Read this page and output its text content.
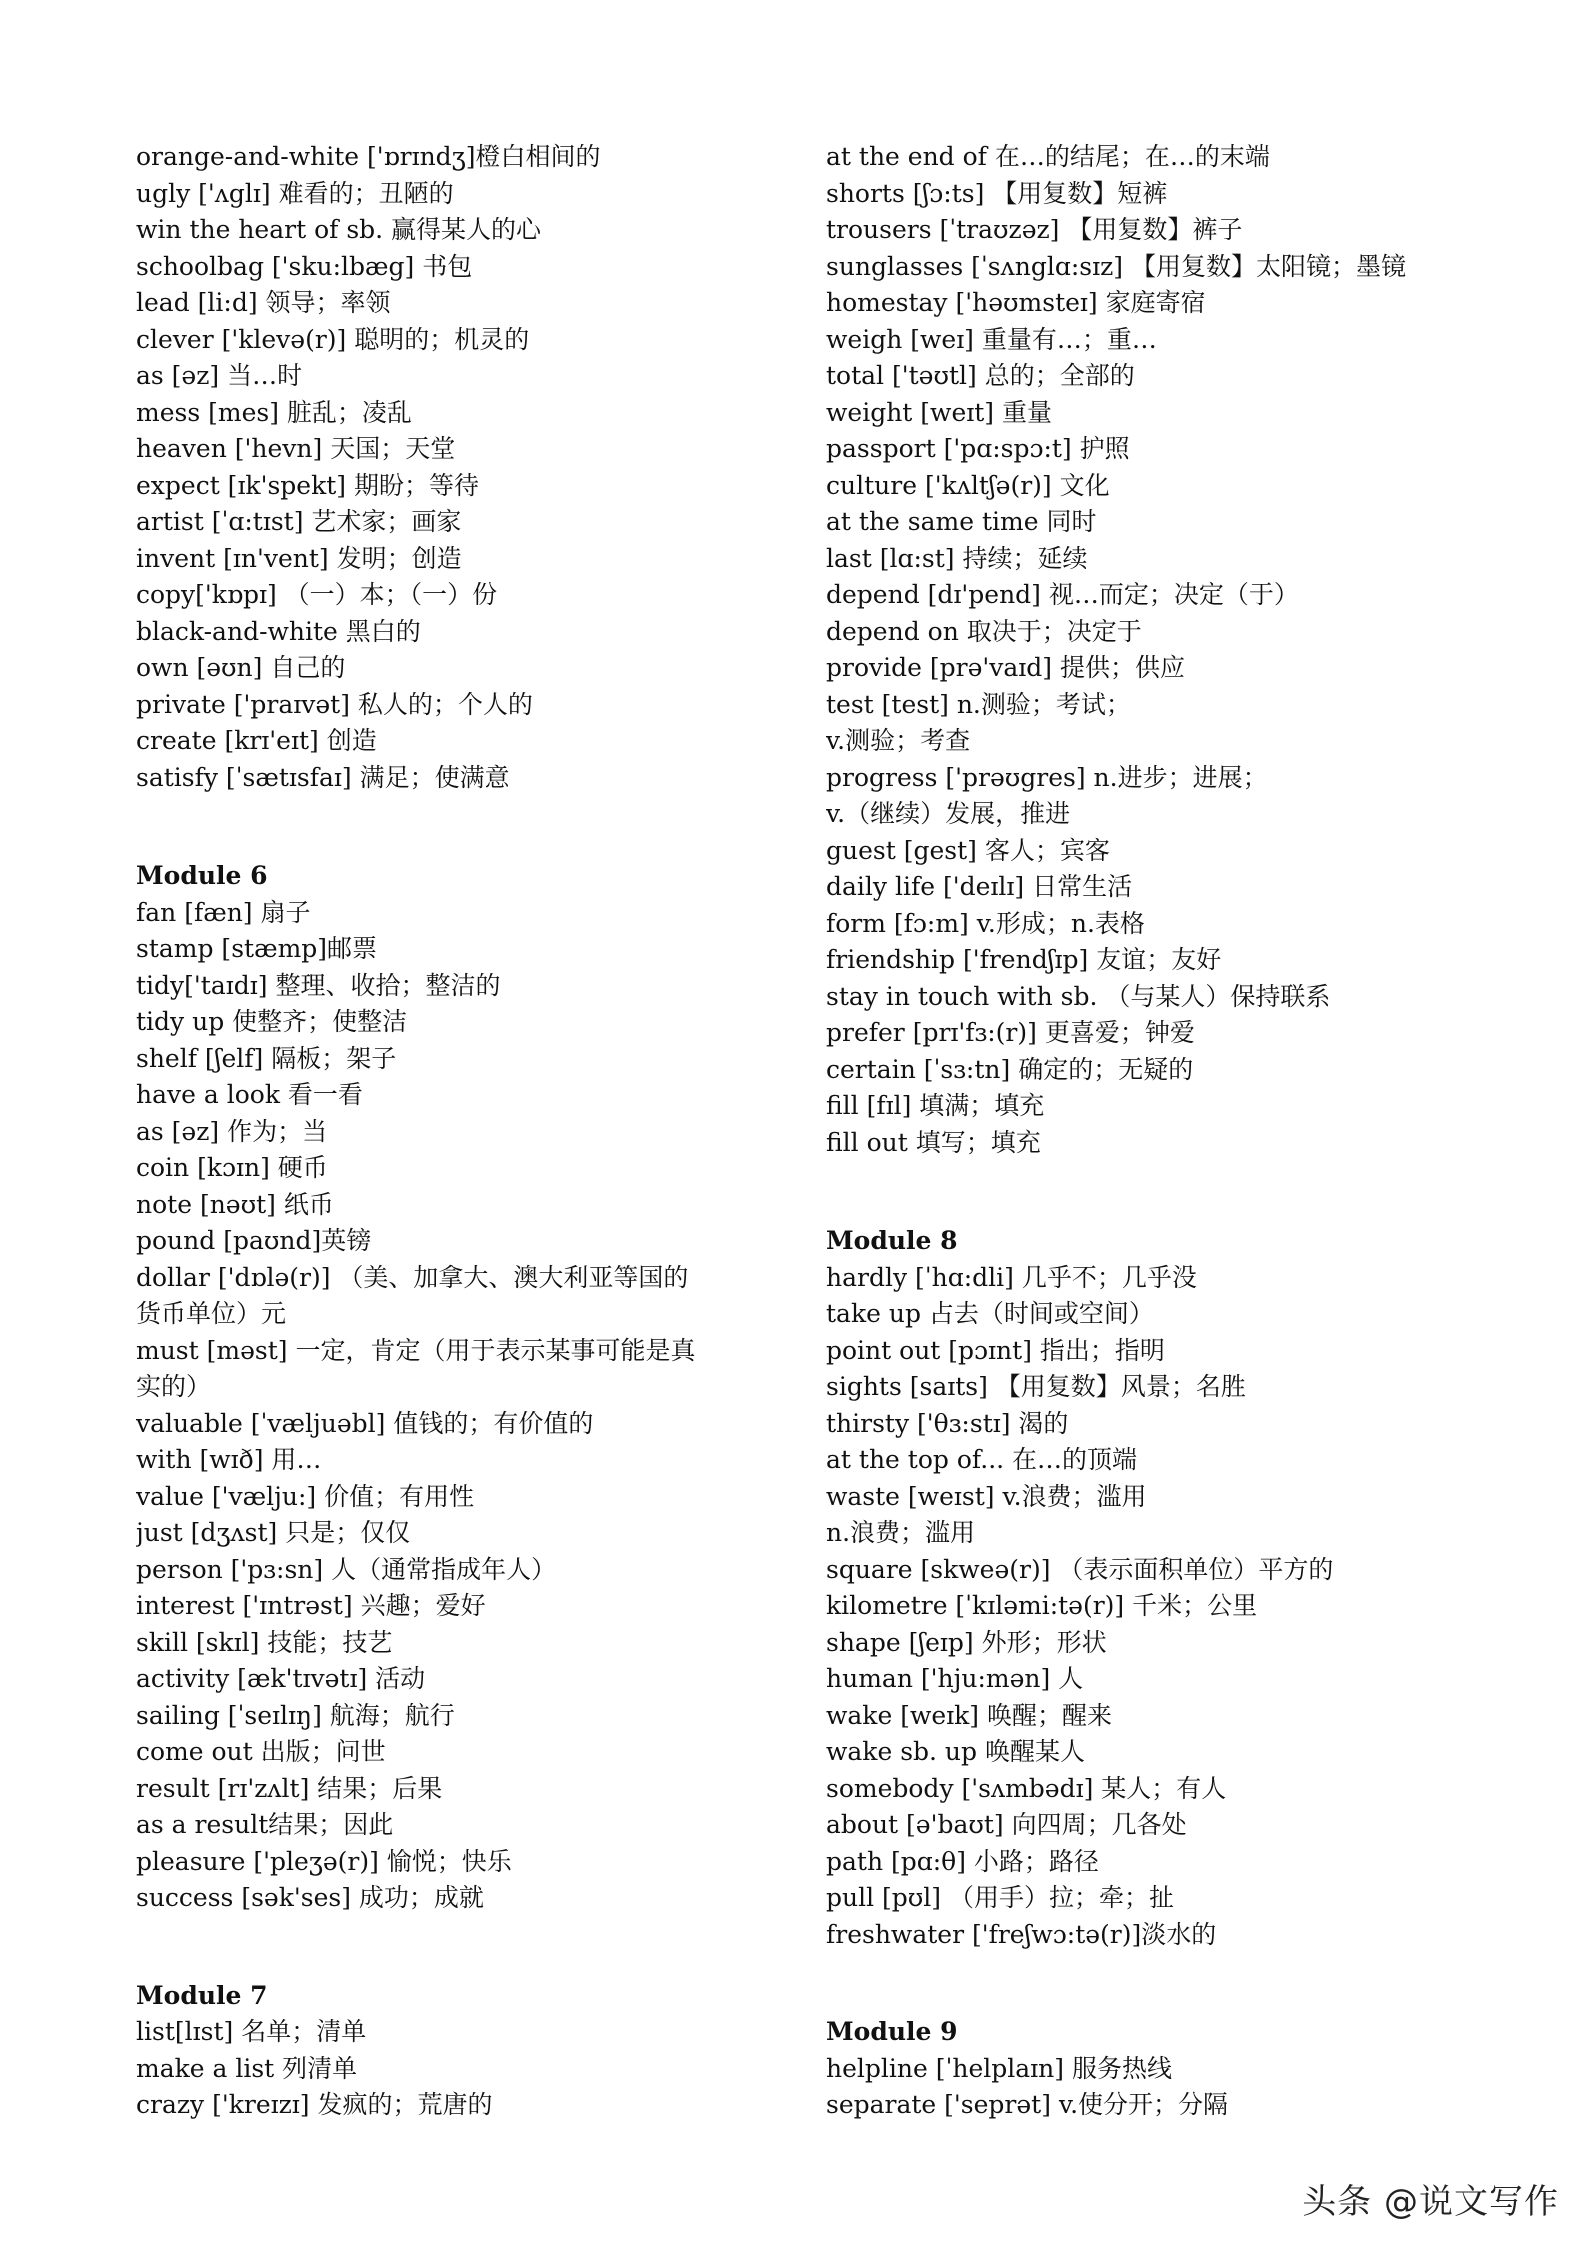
orange-and-white ['ɒrɪndʒ]橙白相间的
ugly ['ʌglɪ] 难看的；丑陋的
win the heart of sb. 赢得某人的心
schoolbag ['sku:lbæg] 书包
lead [li:d] 领导；率领
clever ['klevə(r)] 聪明的；机灵的
as [əz] 当…时
mess [mes] 脏乱；凌乱
heaven ['hevn] 天国；天堂
expect [ɪk'spekt] 期盼；等待
artist [ˈɑ:tɪst] 艺术家；画家
invent [ɪn'vent] 发明；创造
copy['kɒpɪ] （一）本；（一）份
black-and-white 黑白的
own [əʊn] 自己的
private ['praɪvət] 私人的；个人的
create [krɪ'eɪt] 创造
satisfy [ˈsætɪsfaɪ] 满足；使满意
Module 6
fan [fæn] 扇子
stamp [stæmp]邮票
tidy['taɪdɪ] 整理、收拾；整洁的
tidy up 使整齐；使整洁
shelf [ʃelf] 隔板；架子
have a look 看一看
as [əz] 作为；当
coin [kɔɪn] 硬币
note [nəʊt] 纸币
pound [paʊnd]英镑
dollar ['dɒlə(r)] （美、加拿大、澳大利亚等国的
货币单位）元
must [məst] 一定，肯定（用于表示某事可能是真
实的）
valuable [ˈvæljuəbl] 值钱的；有价值的
with [wɪð] 用…
value ['vælju:] 价值；有用性
just [dʒʌst] 只是；仅仅
person ['pɜ:sn] 人（通常指成年人）
interest ['ɪntrəst] 兴趣；爱好
skill [skɪl] 技能；技艺
activity [æk'tɪvətɪ] 活动
sailing [ˈseɪlɪŋ] 航海；航行
come out 出版；问世
result [rɪ'zʌlt] 结果；后果
as a result结果；因此
pleasure ['pleʒə(r)] 愉悦；快乐
success [sək'ses] 成功；成就
Module 7
list[lɪst] 名单；清单
make a list 列清单
crazy ['kreɪzɪ] 发疯的；荒唐的
at the end of 在…的结尾；在…的末端
shorts [ʃɔ:ts] 【用复数】短裤
trousers [ˈtraʊzəz] 【用复数】裤子
sunglasses [ˈsʌnglɑ:sɪz] 【用复数】太阳镜；墨镜
homestay ['həʊmsteɪ] 家庭寄宿
weigh [weɪ] 重量有…；重…
total ['təʊtl] 总的；全部的
weight [weɪt] 重量
passport ['pɑ:spɔ:t] 护照
culture ['kʌltʃə(r)] 文化
at the same time 同时
last [lɑ:st] 持续；延续
depend [dɪ'pend] 视…而定；决定（于）
depend on 取决于；决定于
provide [prə'vaɪd] 提供；供应
test [test] n.测验；考试；
v.测验；考查
progress ['prəʊgres] n.进步；进展；
v.（继续）发展，推进
guest [gest] 客人；宾客
daily life ['deɪlɪ] 日常生活
form [fɔ:m] v.形成；n.表格
friendship ['frendʃɪp] 友谊；友好
stay in touch with sb. （与某人）保持联系
prefer [prɪ'fɜ:(r)] 更喜爱；钟爱
certain [ˈsɜ:tn] 确定的；无疑的
fill [fɪl] 填满；填充
fill out 填写；填充
Module 8
hardly [ˈhɑ:dli] 几乎不；几乎没
take up 占去（时间或空间）
point out [pɔɪnt] 指出；指明
sights [saɪts] 【用复数】风景；名胜
thirsty ['θɜ:stɪ] 渴的
at the top of... 在…的顶端
waste [weɪst] v.浪费；滥用
n.浪费；滥用
square [skweə(r)] （表示面积单位）平方的
kilometre [ˈkɪləmi:tə(r)] 千米；公里
shape [ʃeɪp] 外形；形状
human ['hju:mən] 人
wake [weɪk] 唤醒；醒来
wake sb. up 唤醒某人
somebody ['sʌmbədɪ] 某人；有人
about [ə'baʊt] 向四周；几各处
path [pɑ:θ] 小路；路径
pull [pʊl] （用手）拉；牵；扯
freshwater ['freʃwɔ:tə(r)]淡水的
Module 9
helpline [ˈhelplaɪn] 服务热线
separate ['seprət] v.使分开；分隔
头条 @说文写作
